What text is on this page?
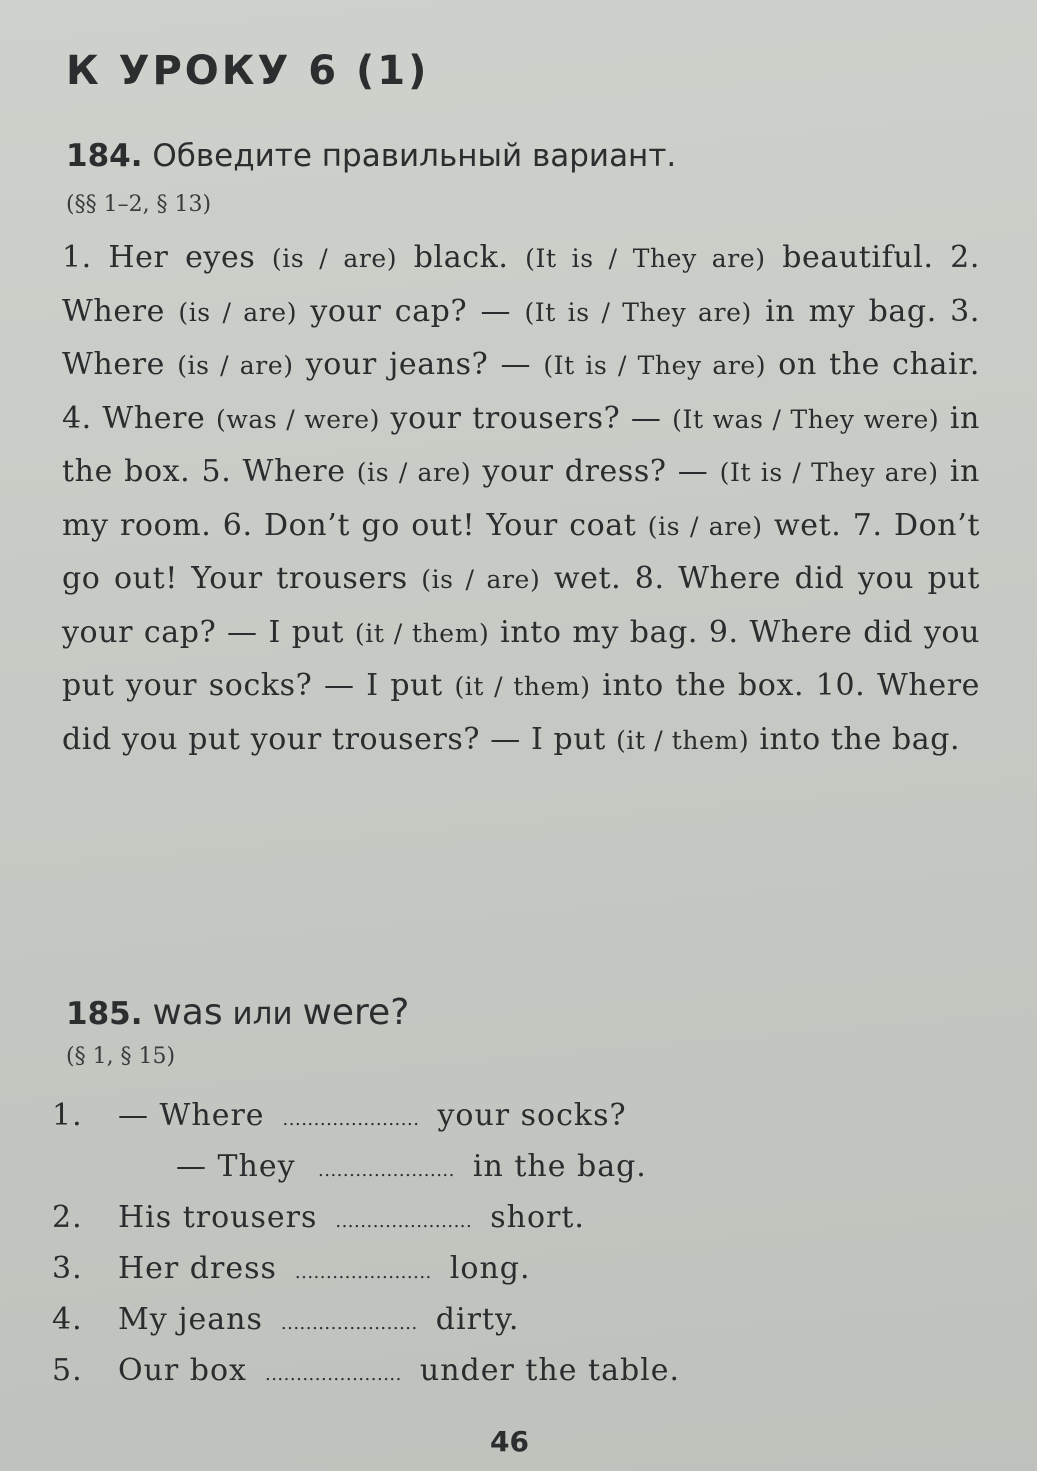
К УРОКУ 6 (1)
184. Обведите правильный вариант.
(§§ 1–2, § 13)
1. Her eyes (is / are) black. (It is / They are) beautiful. 2. Where (is / are) your cap? — (It is / They are) in my bag. 3. Where (is / are) your jeans? — (It is / They are) on the chair. 4. Where (was / were) your trousers? — (It was / They were) in the box. 5. Where (is / are) your dress? — (It is / They are) in my room. 6. Don’t go out! Your coat (is / are) wet. 7. Don’t go out! Your trousers (is / are) wet. 8. Where did you put your cap? — I put (it / them) into my bag. 9. Where did you put your socks? — I put (it / them) into the box. 10. Where did you put your trousers? — I put (it / them) into the bag.
185. was или were?
(§ 1, § 15)
1. — Where ...................... your socks?
— They ...................... in the bag.
2. His trousers ...................... short.
3. Her dress ...................... long.
4. My jeans ...................... dirty.
5. Our box ...................... under the table.
46
